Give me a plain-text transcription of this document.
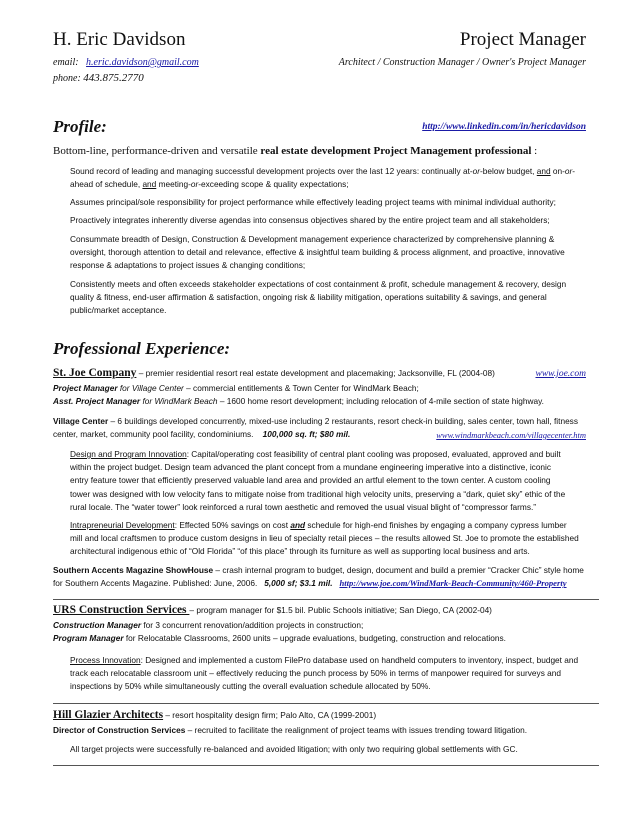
H. Eric Davidson	Project Manager
email: h.eric.davidson@gmail.com	Architect / Construction Manager / Owner's Project Manager
phone: 443.875.2770
Profile:	http://www.linkedin.com/in/hericdavidson
Bottom-line, performance-driven and versatile real estate development Project Management professional :
Sound record of leading and managing successful development projects over the last 12 years: continually at-or-below budget, and on-or-
ahead of schedule, and meeting-or-exceeding scope & quality expectations;
Assumes principal/sole responsibility for project performance while effectively leading project teams with minimal individual authority;
Proactively integrates inherently diverse agendas into consensus objectives shared by the entire project team and all stakeholders;
Consummate breadth of Design, Construction & Development management experience characterized by comprehensive planning &
oversight, thorough attention to detail and relevance, effective & insightful team building & process alignment, and proactive, innovative
response & adaptations to project issues & changing conditions;
Consistently meets and often exceeds stakeholder expectations of cost containment & profit, schedule management & recovery, design
quality & fitness, end-user affirmation & satisfaction, ongoing risk & liability mitigation, operations suitability & savings, and general
public/market acceptance.
Professional Experience:
St. Joe Company – premier residential resort real estate development and placemaking; Jacksonville, FL (2004-08)	www.joe.com
Project Manager for Village Center – commercial entitlements & Town Center for WindMark Beach;
Asst. Project Manager for WindMark Beach – 1600 home resort development; including relocation of 4-mile section of state highway.
Village Center – 6 buildings developed concurrently, mixed-use including 2 restaurants, resort check-in building, sales center, town hall, fitness
center, market, community pool facility, condominiums. 100,000 sq. ft; $80 mil.	www.windmarkbeach.com/villagecenter.htm
Design and Program Innovation: Capital/operating cost feasibility of central plant cooling was proposed, evaluated, approved and built
within the project budget. Design team advanced the plant concept from a mundane engineering imperative into a distinctive, iconic
entry feature tower that efficiently preserved valuable land area and provided an artful element to the town center. A custom cooling
tower was designed with low velocity fans to mitigate noise from traditional high velocity units, preserving a “dark, quiet sky” ethic of the
rural locale. The “water tower” look reinforced a rural town aesthetic and removed the usual visual blight of “compressor farms.”
Intrapreneurial Development: Effected 50% savings on cost and schedule for high-end finishes by engaging a company cypress lumber
mill and local craftsmen to produce custom designs in lieu of specialty retail pieces – the results allowed St. Joe to promote the established
architectural indigenous ethic of “Old Florida” “of this place” through its furniture as well as supporting local business and arts.
Southern Accents Magazine ShowHouse – crash internal program to budget, design, document and build a premier “Cracker Chic” style home
for Southern Accents Magazine. Published: June, 2006. 5,000 sf; $3.1 mil. http://www.joe.com/WindMark-Beach-Community/460-Property
URS Construction Services – program manager for $1.5 bil. Public Schools initiative; San Diego, CA (2002-04)
Construction Manager for 3 concurrent renovation/addition projects in construction;
Program Manager for Relocatable Classrooms, 2600 units – upgrade evaluations, budgeting, construction and relocations.
Process Innovation: Designed and implemented a custom FilePro database used on handheld computers to inventory, inspect, budget and
track each relocatable classroom unit – effectively reducing the punch process by 50% in terms of manpower required for surveys and
inspections by 50% while simultaneously cutting the overall evaluation schedule allocated by 50%.
Hill Glazier Architects – resort hospitality design firm; Palo Alto, CA (1999-2001)
Director of Construction Services – recruited to facilitate the realignment of project teams with issues trending toward litigation.
All target projects were successfully re-balanced and avoided litigation; with only two requiring global settlements with GC.
